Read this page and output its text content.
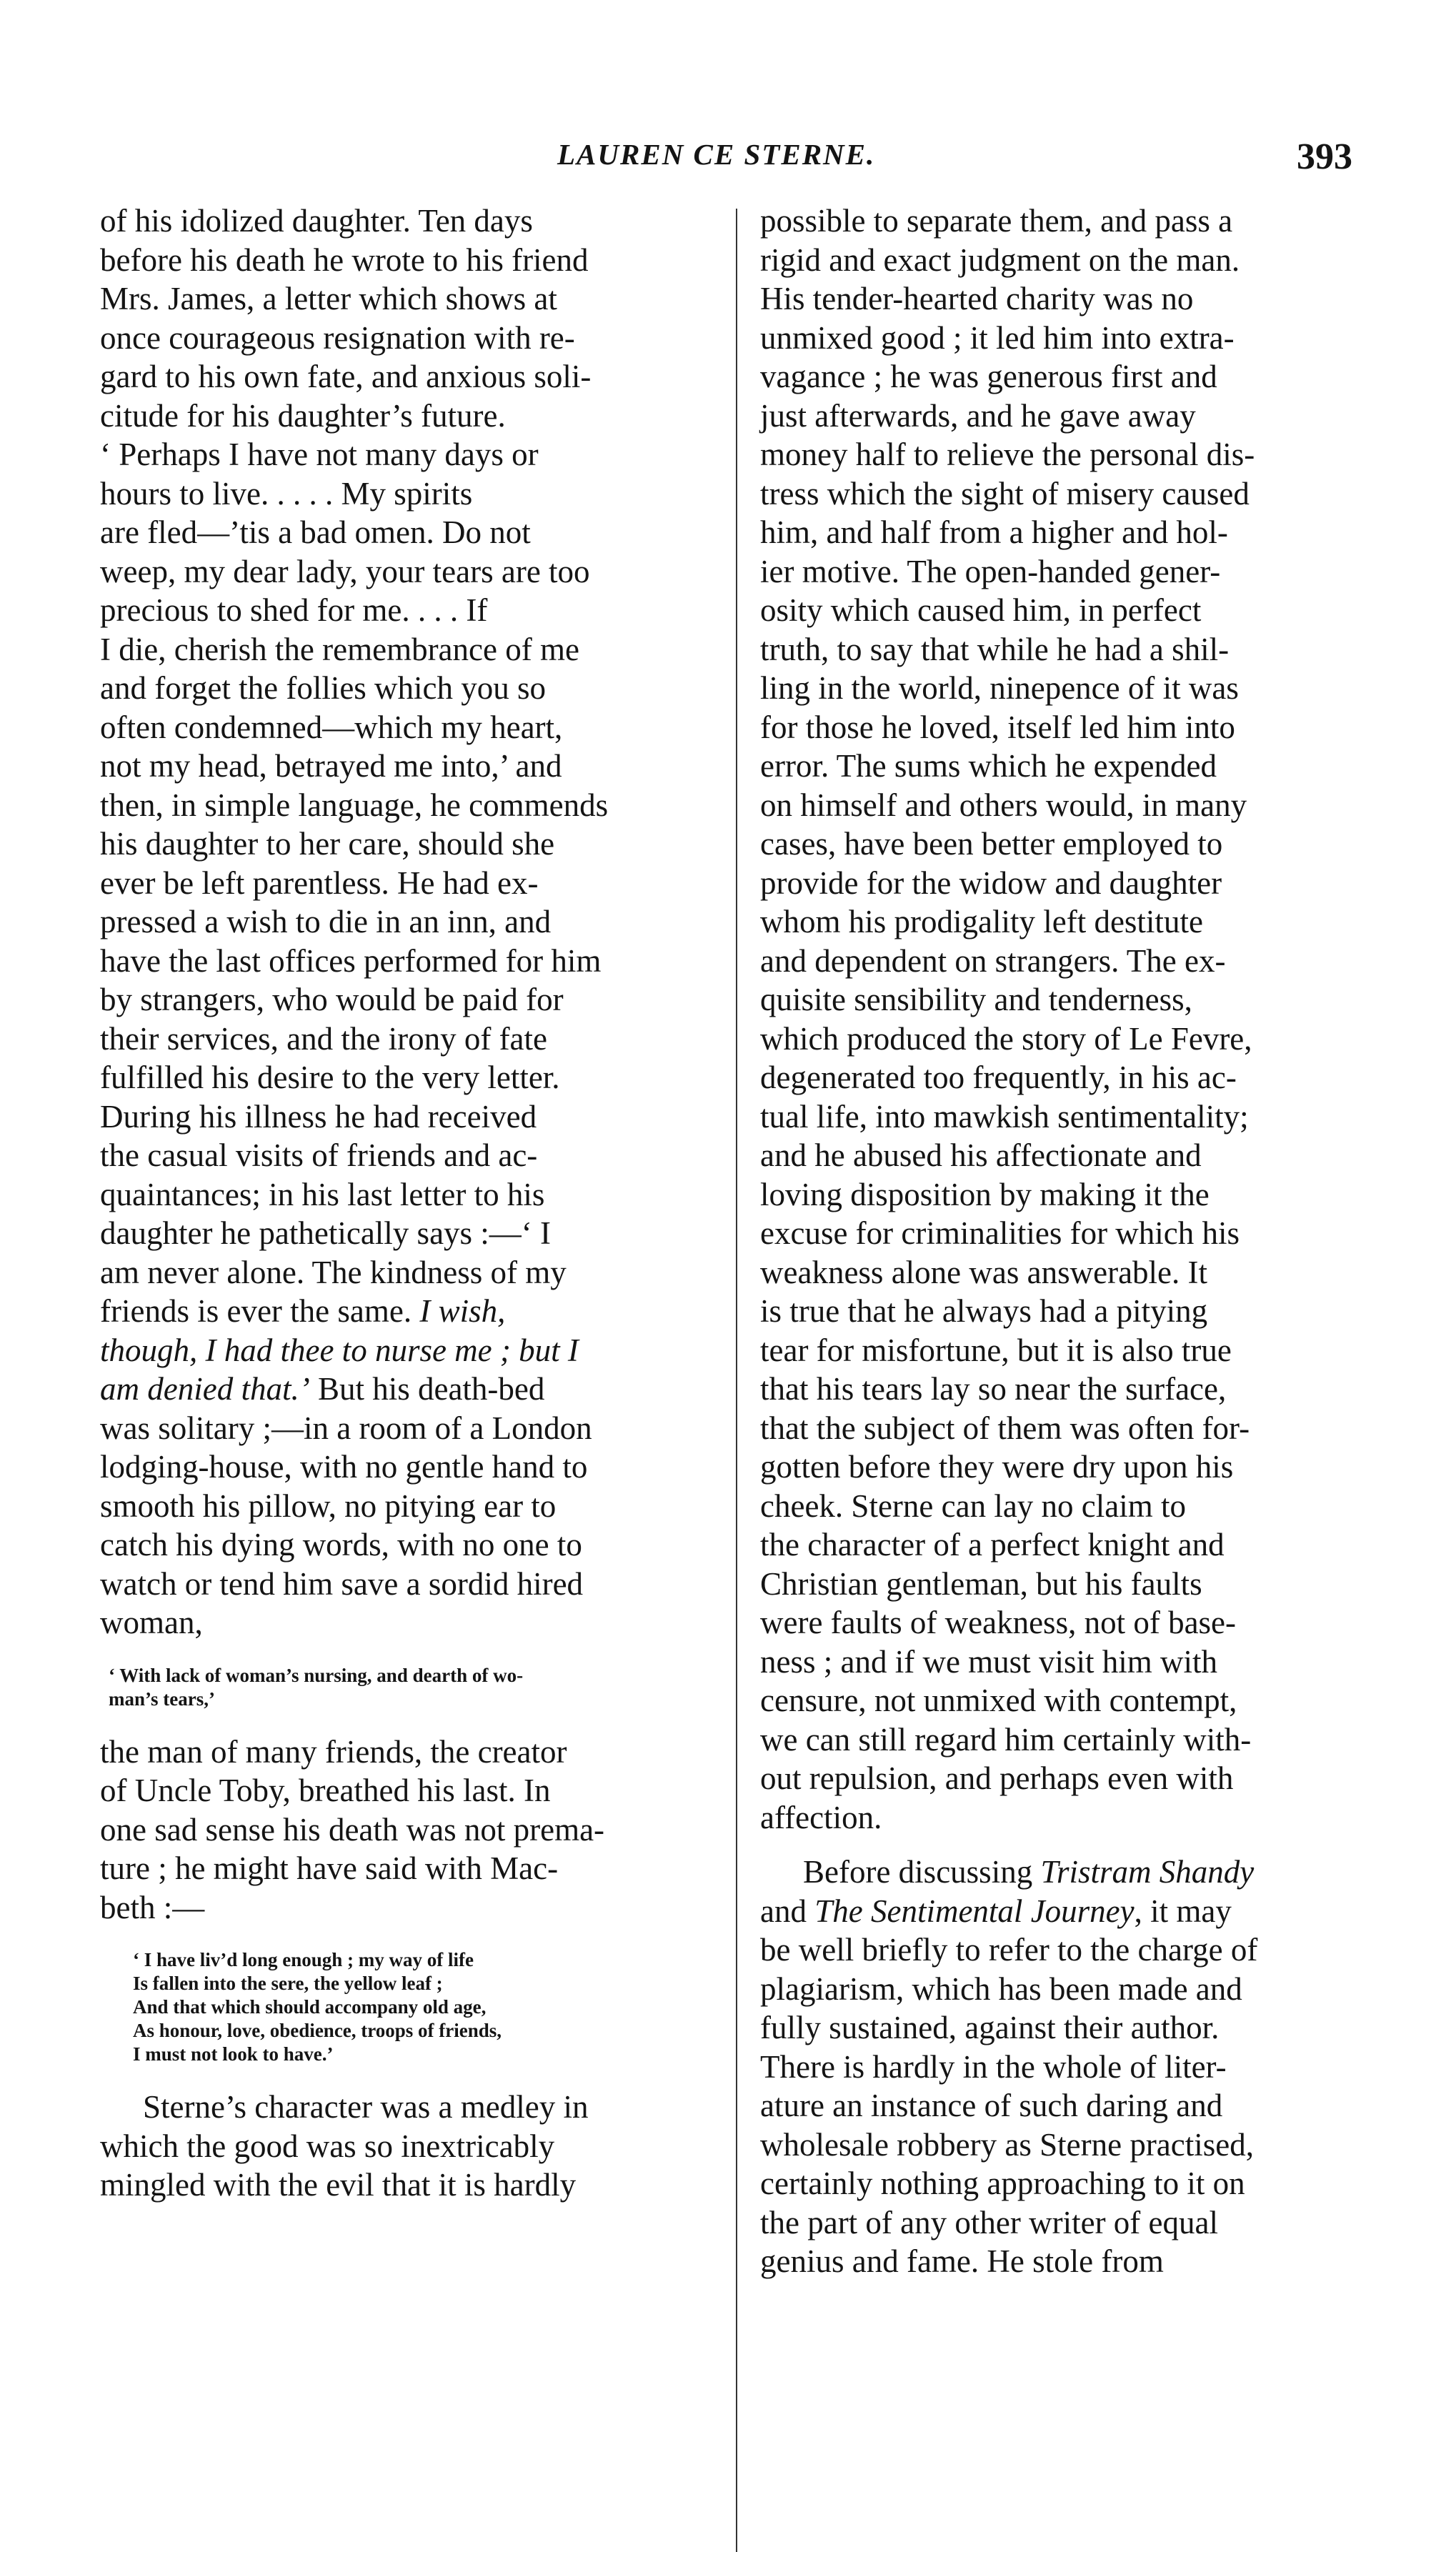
LAUREN CE STERNE.	393
of his idolized daughter. Ten days
before his death he wrote to his friend
Mrs. James, a letter which shows at
once courageous resignation with re-
gard to his own fate, and anxious soli-
citude for his daughter’s future.
‘ Perhaps I have not many days or
hours to live. . . . . My spirits
are fled—’tis a bad omen. Do not
weep, my dear lady, your tears are too
precious to shed for me. . . . If
I die, cherish the remembrance of me
and forget the follies which you so
often condemned—which my heart,
not my head, betrayed me into,’ and
then, in simple language, he commends
his daughter to her care, should she
ever be left parentless. He had ex-
pressed a wish to die in an inn, and
have the last offices performed for him
by strangers, who would be paid for
their services, and the irony of fate
fulfilled his desire to the very letter.
During his illness he had received
the casual visits of friends and ac-
quaintances; in his last letter to his
daughter he pathetically says :—‘ I
am never alone. The kindness of my
friends is ever the same. I wish,
though, I had thee to nurse me ; but I
am denied that.’ But his death-bed
was solitary ;—in a room of a London
lodging-house, with no gentle hand to
smooth his pillow, no pitying ear to
catch his dying words, with no one to
watch or tend him save a sordid hired
woman,
‘ With lack of woman’s nursing, and dearth of wo-
man’s tears,’
the man of many friends, the creator
of Uncle Toby, breathed his last. In
one sad sense his death was not prema-
ture ; he might have said with Mac-
beth :—
‘ I have liv’d long enough ; my way of life
Is fallen into the sere, the yellow leaf ;
And that which should accompany old age,
As honour, love, obedience, troops of friends,
I must not look to have.’
Sterne’s character was a medley in
which the good was so inextricably
mingled with the evil that it is hardly
possible to separate them, and pass a
rigid and exact judgment on the man.
His tender-hearted charity was no
unmixed good ; it led him into extra-
vagance ; he was generous first and
just afterwards, and he gave away
money half to relieve the personal dis-
tress which the sight of misery caused
him, and half from a higher and hol-
ier motive. The open-handed gener-
osity which caused him, in perfect
truth, to say that while he had a shil-
ling in the world, ninepence of it was
for those he loved, itself led him into
error. The sums which he expended
on himself and others would, in many
cases, have been better employed to
provide for the widow and daughter
whom his prodigality left destitute
and dependent on strangers. The ex-
quisite sensibility and tenderness,
which produced the story of Le Fevre,
degenerated too frequently, in his ac-
tual life, into mawkish sentimentality;
and he abused his affectionate and
loving disposition by making it the
excuse for criminalities for which his
weakness alone was answerable. It
is true that he always had a pitying
tear for misfortune, but it is also true
that his tears lay so near the surface,
that the subject of them was often for-
gotten before they were dry upon his
cheek. Sterne can lay no claim to
the character of a perfect knight and
Christian gentleman, but his faults
were faults of weakness, not of base-
ness ; and if we must visit him with
censure, not unmixed with contempt,
we can still regard him certainly with-
out repulsion, and perhaps even with
affection.
Before discussing Tristram Shandy
and The Sentimental Journey, it may
be well briefly to refer to the charge of
plagiarism, which has been made and
fully sustained, against their author.
There is hardly in the whole of liter-
ature an instance of such daring and
wholesale robbery as Sterne practised,
certainly nothing approaching to it on
the part of any other writer of equal
genius and fame. He stole from
